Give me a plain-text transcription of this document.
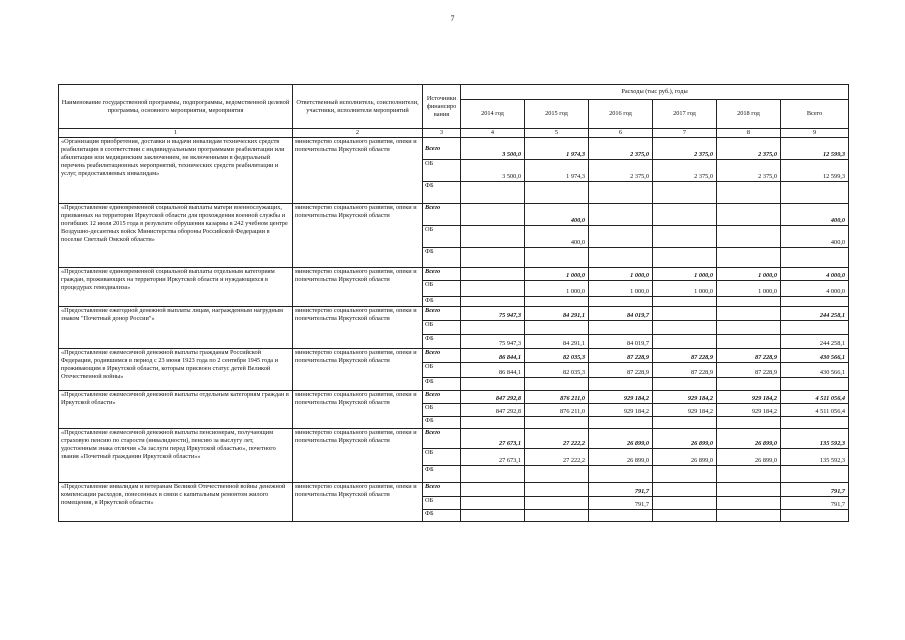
7
Наименование государственной программы, подпрограммы, ведомственной целевой программы, основного мероприятия, мероприятия	Ответственный исполнитель, соисполнители, участники, исполнители мероприятий	Источники финансиро вания	Расходы (тыс руб.), годы					
			2014 год	2015 год	2016 год	2017 год	2018 год	Всего
1	2	3	4	5	6	7	8	9
«Организация приобретения, доставки и выдачи инвалидам технических средств реабилитации в соответствии с индивидуальными программами реабилитации или абилитации или медицинским заключением, не включенными в федеральный перечень реабилитационных мероприятий, технических средств реабилитации и услуг, предоставляемых инвалидам»	министерство социального развития, опеки и попечительства Иркутской области	Всего	3 500,0	1 974,3	2 375,0	2 375,0	2 375,0	12 599,3
		ОБ	3 500,0	1 974,3	2 375,0	2 375,0	2 375,0	12 599,3
		ФБ						
«Предоставление единовременной социальной выплаты матери военнослужащих, призванных на территории Иркутской области для прохождения военной службы и погибших 12 июля 2015 года в результате обрушения казармы в 242 учебном центре Воздушно-десантных войск Министерства обороны Российской Федерации в поселке Светлый Омской области»	министерство социального развития, опеки и попечительства Иркутской области	Всего		400,0				400,0
		ОБ		400,0				400,0
		ФБ						
«Предоставление единовременной социальной выплаты отдельным категориям граждан, проживающих на территории Иркутской области и нуждающихся в процедурах гемодиализа»	министерство социального развития, опеки и попечительства Иркутской области	Всего		1 000,0	1 000,0	1 000,0	1 000,0	4 000,0
		ОБ		1 000,0	1 000,0	1 000,0	1 000,0	4 000,0
		ФБ						
«Предоставление ежегодной денежной выплаты лицам, награжденным нагрудным знаком "Почетный донор России"»	министерство социального развития, опеки и попечительства Иркутской области	Всего	75 947,3	84 291,1	84 019,7			244 258,1
		ОБ						
		ФБ	75 947,3	84 291,1	84 019,7			244 258,1
«Предоставление ежемесячной денежной выплаты гражданам Российской Федерации, родившимся в период с 23 июня 1923 года по 2 сентября 1945 года и проживающим в Иркутской области, которым присвоен статус детей Великой Отечественной войны»	министерство социального развития, опеки и попечительства Иркутской области	Всего	86 844,1	82 035,3	87 228,9	87 228,9	87 228,9	430 566,1
		ОБ	86 844,1	82 035,3	87 228,9	87 228,9	87 228,9	430 566,1
		ФБ						
«Предоставление ежемесячной денежной выплаты отдельным категориям граждан в Иркутской области»	министерство социального развития, опеки и попечительства Иркутской области	Всего	847 292,8	876 211,0	929 184,2	929 184,2	929 184,2	4 511 056,4
		ОБ	847 292,8	876 211,0	929 184,2	929 184,2	929 184,2	4 511 056,4
		ФБ						
«Предоставление ежемесячной денежной выплаты пенсионерам, получающим страховую пенсию по старости (инвалидности), пенсию за выслугу лет, удостоенным знака отличия «За заслуги перед Иркутской областью», почетного звания «Почетный гражданин Иркутской области»»	министерство социального развития, опеки и попечительства Иркутской области	Всего	27 673,1	27 222,2	26 899,0	26 899,0	26 899,0	135 592,3
		ОБ	27 673,1	27 222,2	26 899,0	26 899,0	26 899,0	135 592,3
		ФБ						
«Предоставление инвалидам и ветеранам Великой Отечественной войны денежной компенсации расходов, понесенных в связи с капитальным ремонтом жилого помещения, в Иркутской области»	министерство социального развития, опеки и попечительства Иркутской области	Всего			791,7			791,7
		ОБ			791,7			791,7
		ФБ						
